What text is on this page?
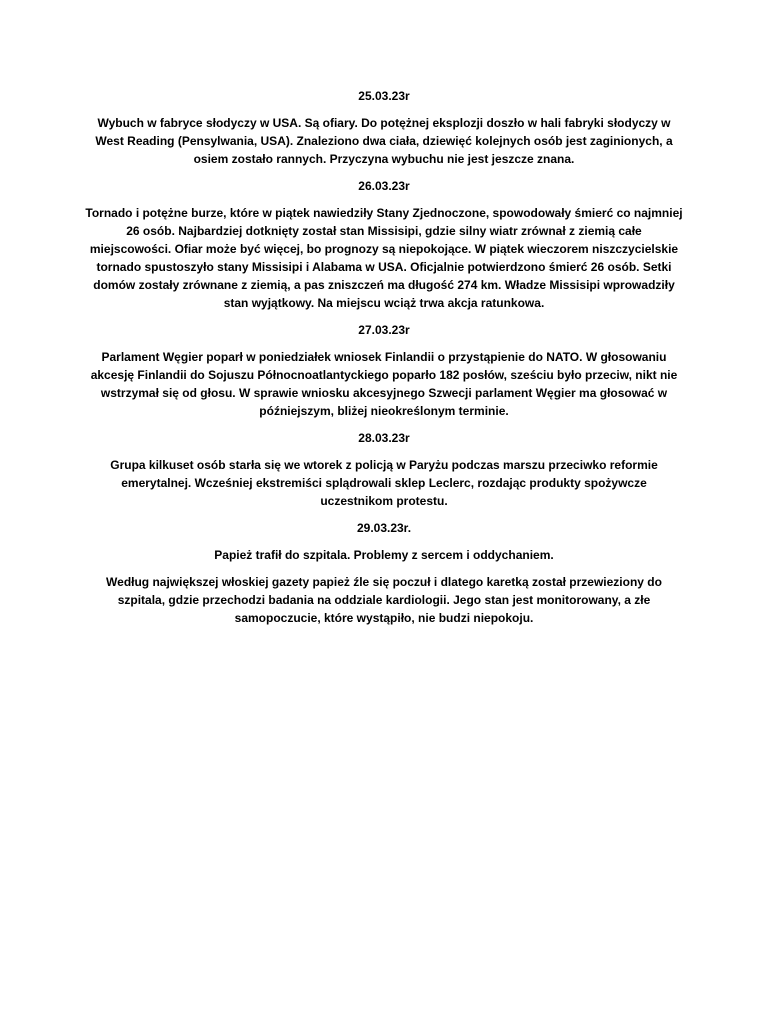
25.03.23r

Wybuch w fabryce słodyczy w USA. Są ofiary. Do potężnej eksplozji doszło w hali fabryki słodyczy w West Reading (Pensylwania, USA). Znaleziono dwa ciała, dziewięć kolejnych osób jest zaginionych, a osiem zostało rannych. Przyczyna wybuchu nie jest jeszcze znana.

26.03.23r

Tornado i potężne burze, które w piątek nawiedziły Stany Zjednoczone, spowodowały śmierć co najmniej 26 osób. Najbardziej dotknięty został stan Missisipi, gdzie silny wiatr zrównał z ziemią całe miejscowości. Ofiar może być więcej, bo prognozy są niepokojące. W piątek wieczorem niszczycielskie tornado spustoszyło stany Missisipi i Alabama w USA. Oficjalnie potwierdzono śmierć 26 osób. Setki domów zostały zrównane z ziemią, a pas zniszczeń ma długość 274 km. Władze Missisipi wprowadziły stan wyjątkowy. Na miejscu wciąż trwa akcja ratunkowa.

27.03.23r

Parlament Węgier poparł w poniedziałek wniosek Finlandii o przystąpienie do NATO. W głosowaniu akcesję Finlandii do Sojuszu Północnoatlantyckiego poparło 182 posłów, sześciu było przeciw, nikt nie wstrzymał się od głosu. W sprawie wniosku akcesyjnego Szwecji parlament Węgier ma głosować w późniejszym, bliżej nieokreślonym terminie.

28.03.23r

Grupa kilkuset osób starła się we wtorek z policją w Paryżu podczas marszu przeciwko reformie emerytalnej. Wcześniej ekstremiści splądrowali sklep Leclerc, rozdając produkty spożywcze uczestnikom protestu.

29.03.23r.

Papież trafił do szpitala. Problemy z sercem i oddychaniem.

Według największej włoskiej gazety papież źle się poczuł i dlatego karetką został przewieziony do szpitala, gdzie przechodzi badania na oddziale kardiologii. Jego stan jest monitorowany, a złe samopoczucie, które wystąpiło, nie budzi niepokoju.
